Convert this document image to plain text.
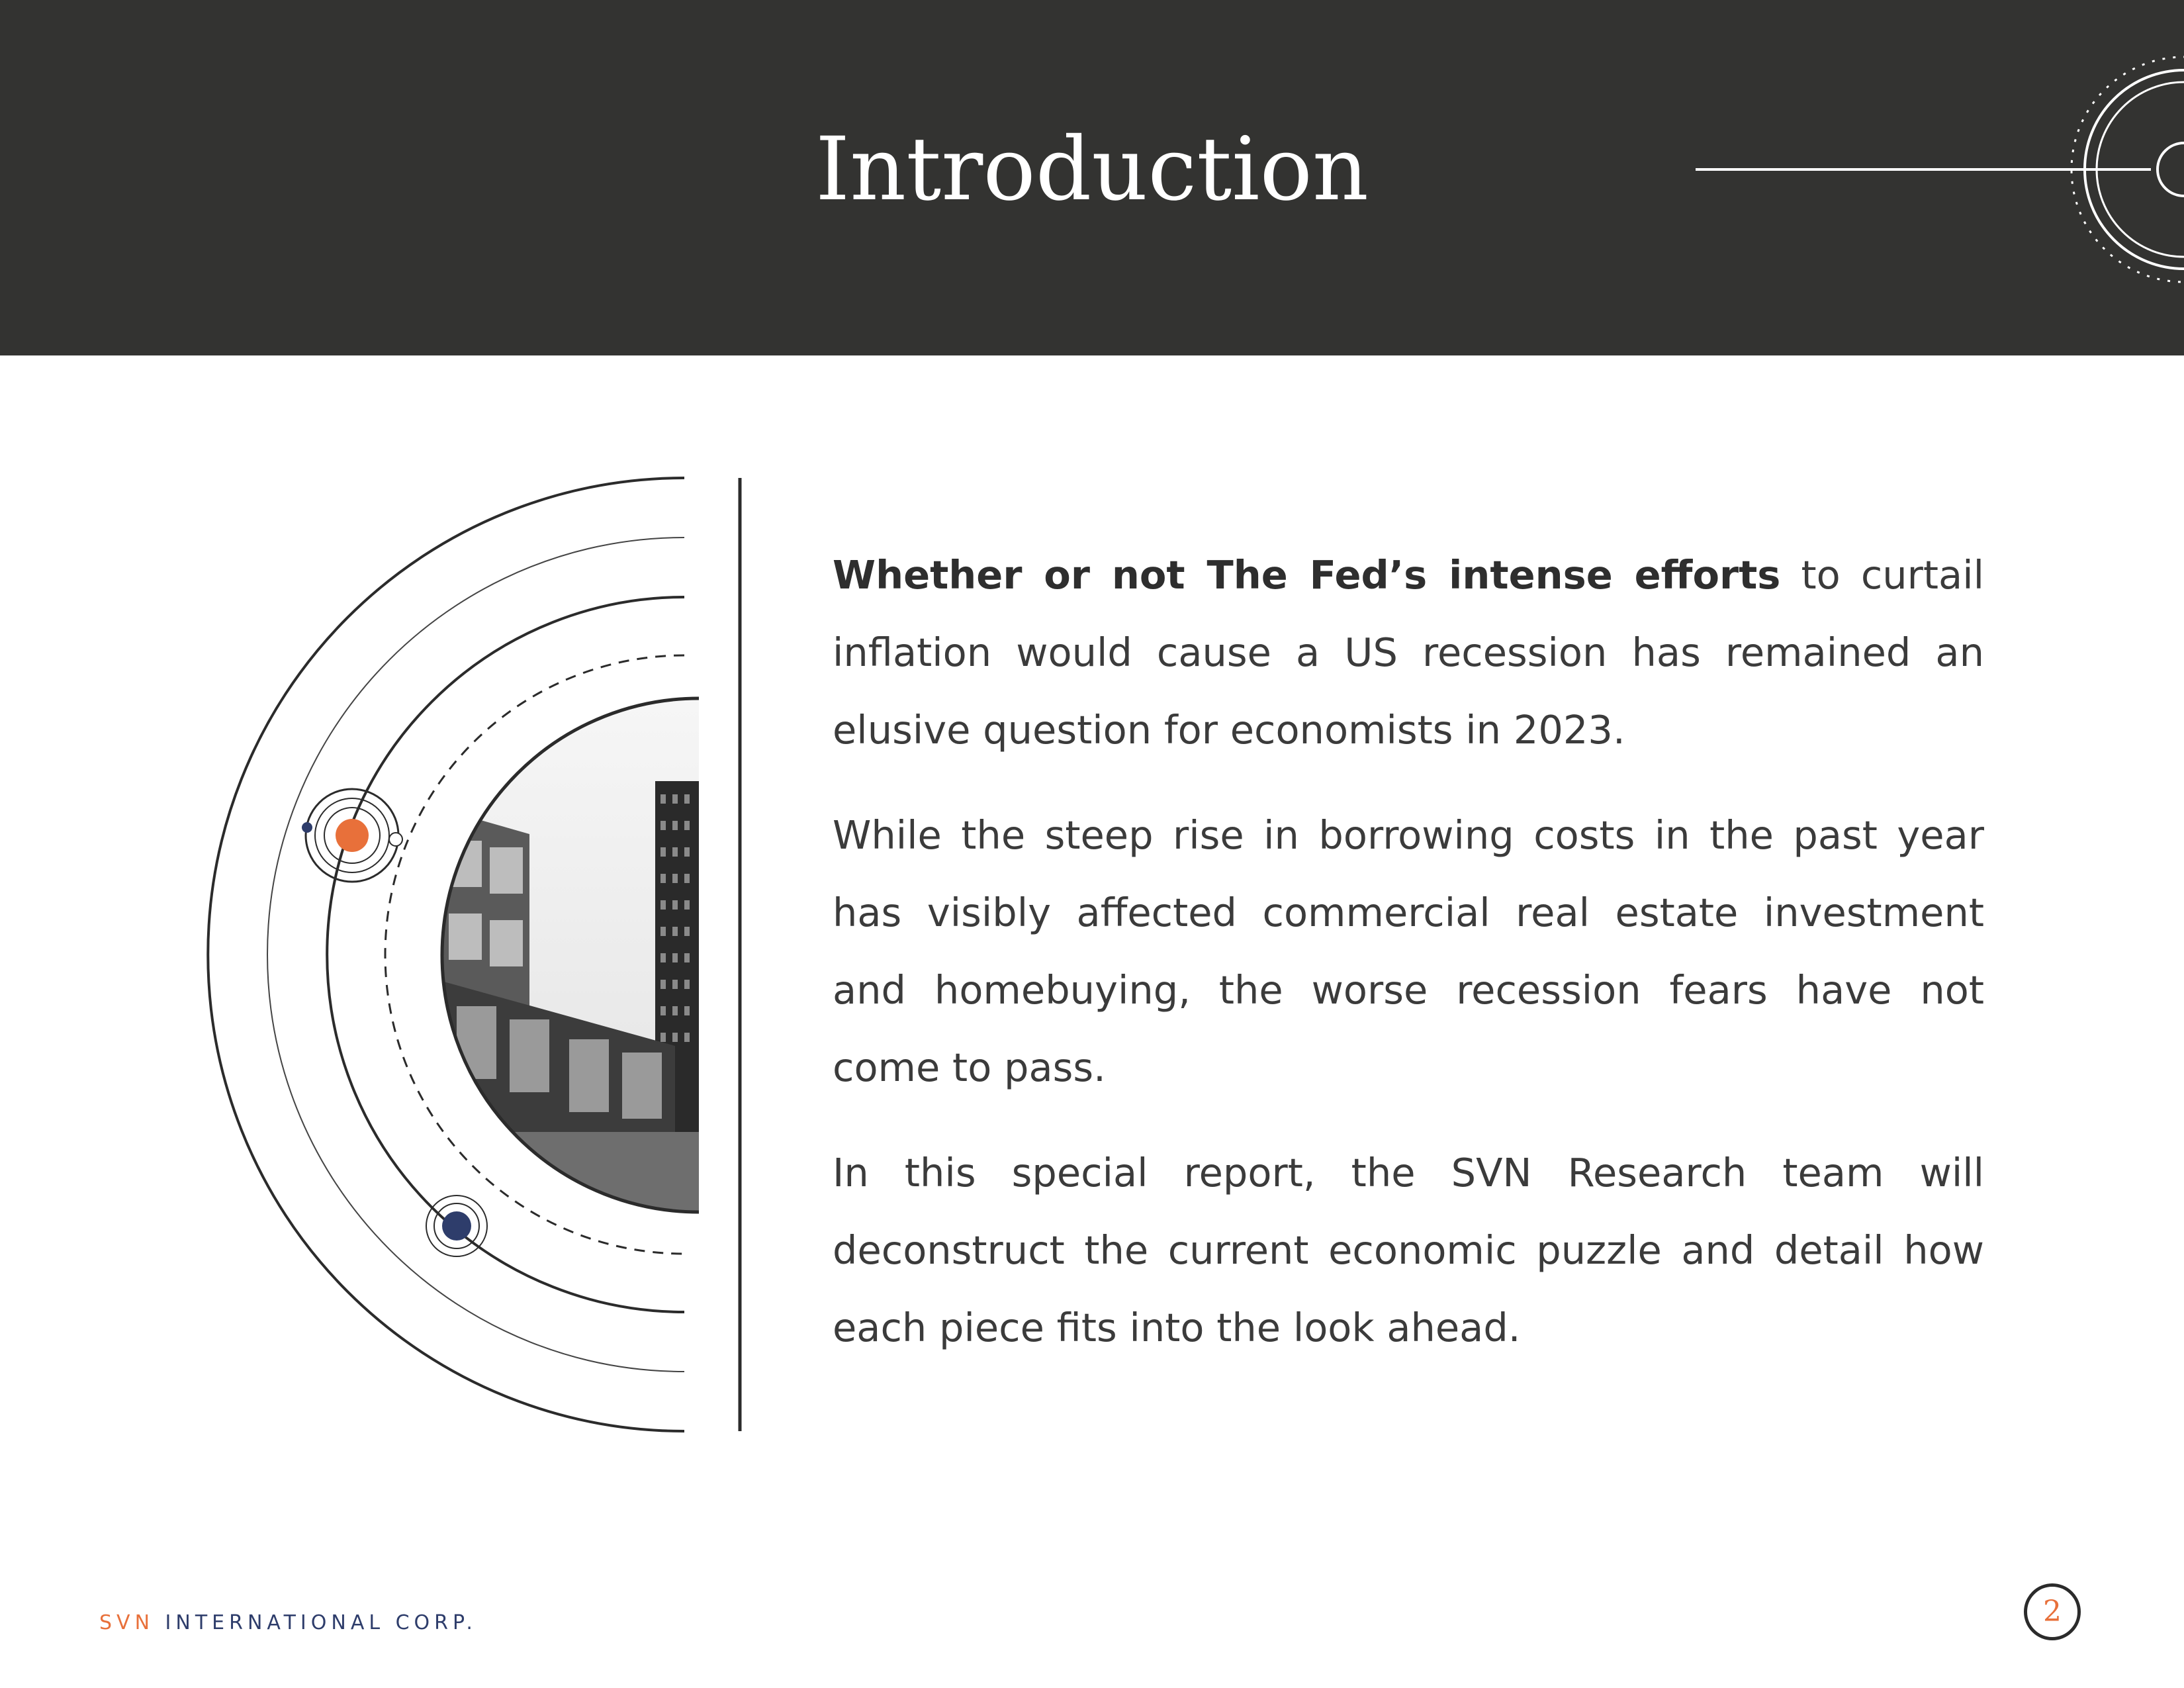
Introduction

Whether or not The Fed’s intense efforts to curtail inflation would cause a US recession has remained an elusive question for economists in 2023.

While the steep rise in borrowing costs in the past year has visibly affected commercial real estate investment and homebuying, the worse recession fears have not come to pass.

In this special report, the SVN Research team will deconstruct the current economic puzzle and detail how each piece fits into the look ahead.

SVN INTERNATIONAL CORP.	2
